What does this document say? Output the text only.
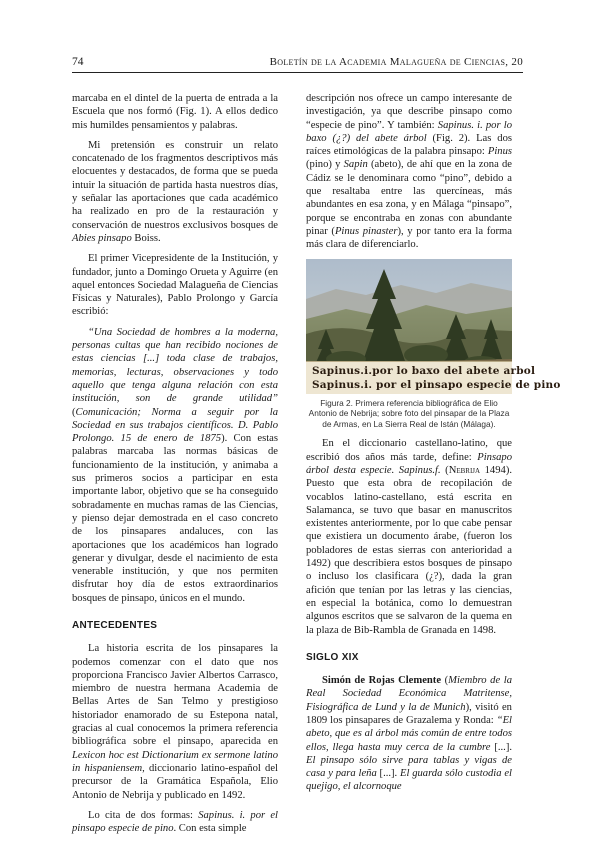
74	Boletín de la Academia Malagueña de Ciencias, 20

marcaba en el dintel de la puerta de entrada a la Escuela que nos formó (Fig. 1). A ellos dedico mis humildes pensamientos y palabras.

Mi pretensión es construir un relato concatenado de los fragmentos descriptivos más elocuentes y destacados, de forma que se pueda intuir la situación de partida hasta nuestros días, y señalar las aportaciones que cada académico ha realizado en pro de la restauración y conservación de nuestros exclusivos bosques de Abies pinsapo Boiss.

El primer Vicepresidente de la Institución, y fundador, junto a Domingo Orueta y Aguirre (en aquel entonces Sociedad Malagueña de Ciencias Físicas y Naturales), Pablo Prolongo y García escribió:

“Una Sociedad de hombres a la moderna, personas cultas que han recibido nociones de estas ciencias [...] toda clase de trabajos, memorias, lecturas, observaciones y todo aquello que tenga alguna relación con esta institución, son de grande utilidad” (Comunicación; Norma a seguir por la Sociedad en sus trabajos científicos. D. Pablo Prolongo. 15 de enero de 1875). Con estas palabras marcaba las normas básicas de funcionamiento de la institución, y animaba a sus primeros socios a participar en esta importante labor, objetivo que se ha conseguido sobradamente en muchas ramas de las Ciencias, y pienso dejar demostrada en el caso concreto de los pinsapares andaluces, con las aportaciones que los académicos han logrado generar y divulgar, desde el nacimiento de esta venerable institución, y que nos permiten disfrutar hoy día de estos extraordinarios bosques de pinsapo, únicos en el mundo.

ANTECEDENTES

La historia escrita de los pinsapares la podemos comenzar con el dato que nos proporciona Francisco Javier Albertos Carrasco, miembro de nuestra hermana Academia de Bellas Artes de San Telmo y prestigioso historiador enamorado de su Estepona natal, gracias al cual conocemos la primera referencia bibliográfica sobre el pinsapo, aparecida en Lexicon hoc est Dictionarium ex sermone latino in hispaniensem, diccionario latino-español del precursor de la Gramática Española, Elio Antonio de Nebrija y publicado en 1492.

Lo cita de dos formas: Sapinus. i. por el pinsapo especie de pino. Con esta simple

descripción nos ofrece un campo interesante de investigación, ya que describe pinsapo como “especie de pino”. Y también: Sapinus. i. por lo baxo (¿?) del abete árbol (Fig. 2). Las dos raíces etimológicas de la palabra pinsapo: Pinus (pino) y Sapin (abeto), de ahí que en la zona de Cádiz se le denominara como “pino”, debido a que resaltaba entre las quercíneas, más abundantes en esa zona, y en Málaga “pinsapo”, porque se encontraba en zonas con abundante pinar (Pinus pinaster), y por tanto era la forma más clara de diferenciarlo.

Sapinus.i.por lo baxo del abete arbol
Sapinus.i. por el pinsapo especie de pino
Figura 2. Primera referencia bibliográfica de Elio Antonio de Nebrija; sobre foto del pinsapar de la Plaza de Armas, en La Sierra Real de Istán (Málaga).

En el diccionario castellano-latino, que escribió dos años más tarde, define: Pinsapo árbol desta especie. Sapinus.f. (Nebrija 1494). Puesto que esta obra de recopilación de vocablos latino-castellano, está escrita en Salamanca, se tuvo que basar en manuscritos existentes anteriormente, por lo que cabe pensar que existiera un documento árabe, (fueron los pobladores de estas sierras con anterioridad a 1492) que describiera estos bosques de pinsapo o incluso los clasificara (¿?), dada la gran afición que tenían por las letras y las ciencias, en especial la botánica, como lo demuestran algunos escritos que se salvaron de la quema en la plaza de Bib-Rambla de Granada en 1498.

SIGLO XIX

Simón de Rojas Clemente (Miembro de la Real Sociedad Económica Matritense, Fisiográfica de Lund y la de Munich), visitó en 1809 los pinsapares de Grazalema y Ronda: “El abeto, que es al árbol más común de entre todos ellos, llega hasta muy cerca de la cumbre [...]. El pinsapo sólo sirve para tablas y vigas de casa y para leña [...]. El guarda sólo custodia el quejigo, el alcornoque
